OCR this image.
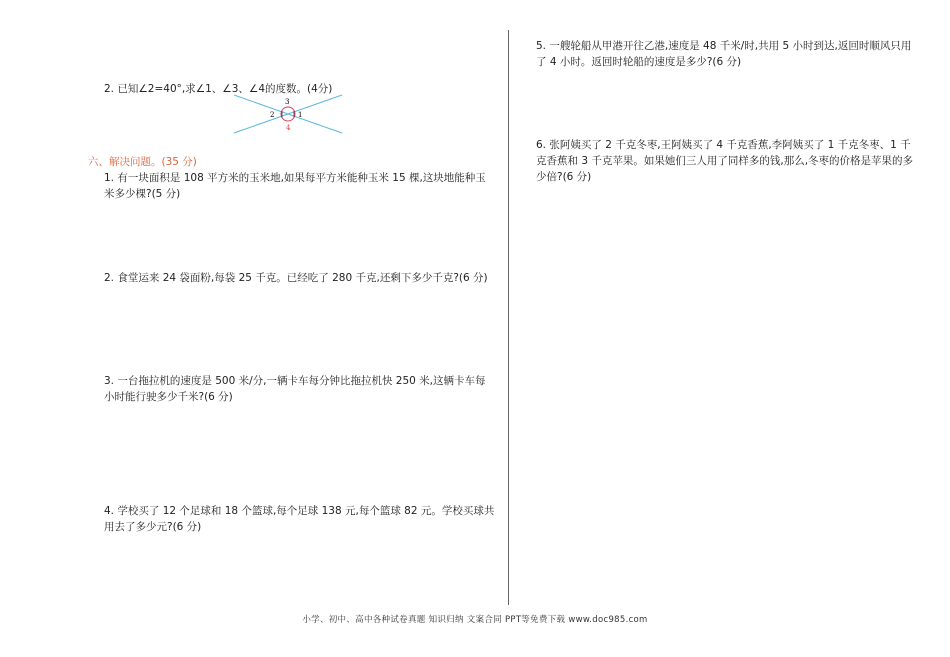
2. 已知∠2=40°,求∠1、∠3、∠4的度数。(4分)
3
2	1
4
六、解决问题。(35 分)
1. 有一块面积是 108 平方米的玉米地,如果每平方米能种玉米 15 棵,这块地能种玉米多少棵?(5 分)
2. 食堂运来 24 袋面粉,每袋 25 千克。已经吃了 280 千克,还剩下多少千克?(6 分)
3. 一台拖拉机的速度是 500 米/分,一辆卡车每分钟比拖拉机快 250 米,这辆卡车每小时能行驶多少千米?(6 分)
4. 学校买了 12 个足球和 18 个篮球,每个足球 138 元,每个篮球 82 元。学校买球共用去了多少元?(6 分)
5. 一艘轮船从甲港开往乙港,速度是 48 千米/时,共用 5 小时到达,返回时顺风只用了 4 小时。返回时轮船的速度是多少?(6 分)
6. 张阿姨买了 2 千克冬枣,王阿姨买了 4 千克香蕉,李阿姨买了 1 千克冬枣、1 千克香蕉和 3 千克苹果。如果她们三人用了同样多的钱,那么,冬枣的价格是苹果的多少倍?(6 分)
小学、初中、高中各种试卷真题 知识归纳 文案合同 PPT等免费下载 www.doc985.com
